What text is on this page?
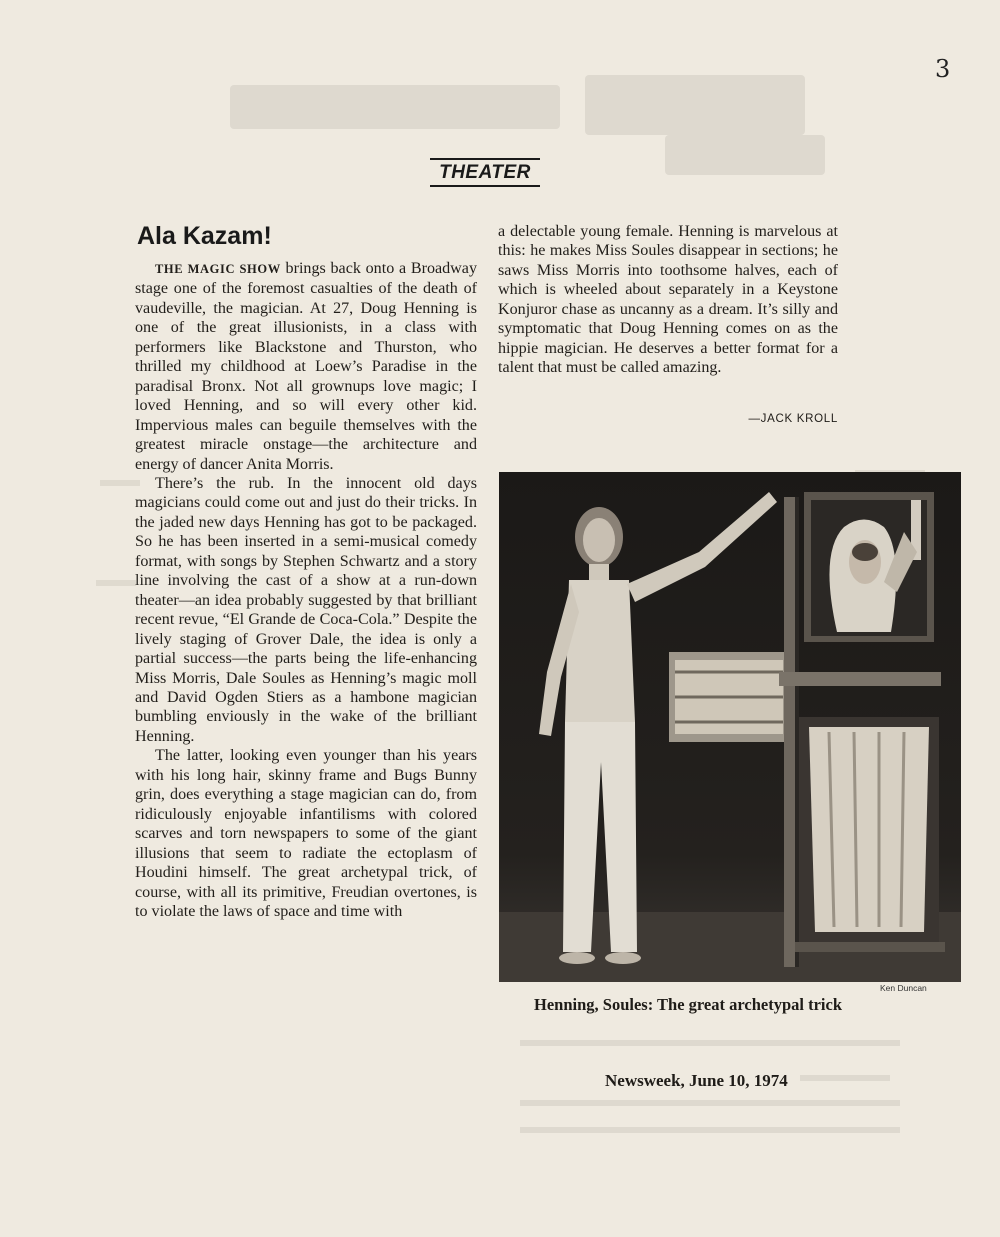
3
THEATER
Ala Kazam!

THE MAGIC SHOW brings back onto a Broadway stage one of the foremost casualties of the death of vaudeville, the magician. At 27, Doug Henning is one of the great illusionists, in a class with performers like Blackstone and Thurston, who thrilled my childhood at Loew’s Paradise in the paradisal Bronx. Not all grownups love magic; I loved Henning, and so will every other kid. Impervious males can beguile themselves with the greatest miracle onstage—the architecture and energy of dancer Anita Morris.

There’s the rub. In the innocent old days magicians could come out and just do their tricks. In the jaded new days Henning has got to be packaged. So he has been inserted in a semi-musical comedy format, with songs by Stephen Schwartz and a story line involving the cast of a show at a run-down theater—an idea probably suggested by that brilliant recent revue, “El Grande de Coca-Cola.” Despite the lively staging of Grover Dale, the idea is only a partial success—the parts being the life-enhancing Miss Morris, Dale Soules as Henning’s magic moll and David Ogden Stiers as a hambone magician bumbling enviously in the wake of the brilliant Henning.

The latter, looking even younger than his years with his long hair, skinny frame and Bugs Bunny grin, does everything a stage magician can do, from ridiculously enjoyable infantilisms with colored scarves and torn newspapers to some of the giant illusions that seem to radiate the ectoplasm of Houdini himself. The great archetypal trick, of course, with all its primitive, Freudian overtones, is to violate the laws of space and time with

a delectable young female. Henning is marvelous at this: he makes Miss Soules disappear in sections; he saws Miss Morris into toothsome halves, each of which is wheeled about separately in a Keystone Konjuror chase as uncanny as a dream. It’s silly and symptomatic that Doug Henning comes on as the hippie magician. He deserves a better format for a talent that must be called amazing.

—JACK KROLL
Ken Duncan
Henning, Soules: The great archetypal trick
Newsweek, June 10, 1974
